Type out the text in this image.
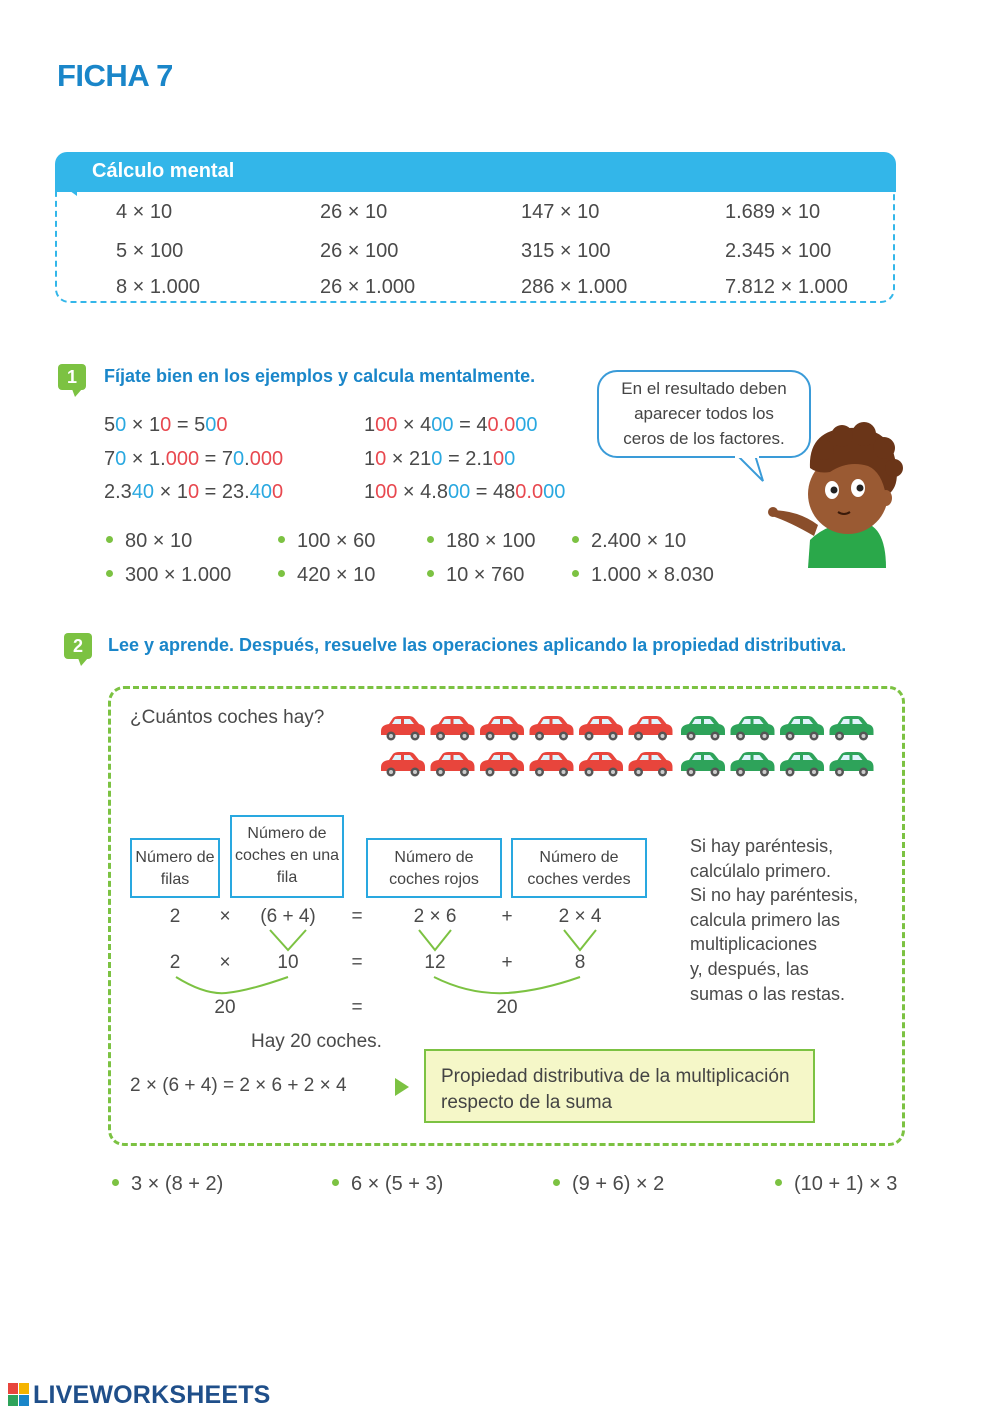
FICHA 7
Cálculo mental
4 × 10	26 × 10	147 × 10	1.689 × 10
5 × 100	26 × 100	315 × 100	2.345 × 100
8 × 1.000	26 × 1.000	286 × 1.000	7.812 × 1.000
1	Fíjate bien en los ejemplos y calcula mentalmente.
50 × 10 = 500
70 × 1.000 = 70.000
2.340 × 10 = 23.400
100 × 400 = 40.000
10 × 210 = 2.100
100 × 4.800 = 480.000
En el resultado deben
aparecer todos los
ceros de los factores.
80 × 10	100 × 60	180 × 100	2.400 × 10
300 × 1.000	420 × 10	10 × 760	1.000 × 8.030
2	Lee y aprende. Después, resuelve las operaciones aplicando la propiedad distributiva.
¿Cuántos coches hay?
Número de filas
Número de coches en una fila
Número de coches rojos
Número de coches verdes
2	×	(6 + 4)	=	2 × 6	+	2 × 4
2	×	10	=	12	+	8
20	=	20
Hay 20 coches.
Si hay paréntesis,
calcúlalo primero.
Si no hay paréntesis,
calcula primero las
multiplicaciones
y, después, las
sumas o las restas.
2 × (6 + 4) = 2 × 6 + 2 × 4	Propiedad distributiva de la multiplicación
respecto de la suma
3 × (8 + 2)	6 × (5 + 3)	(9 + 6) × 2	(10 + 1) × 3
LIVEWORKSHEETS
